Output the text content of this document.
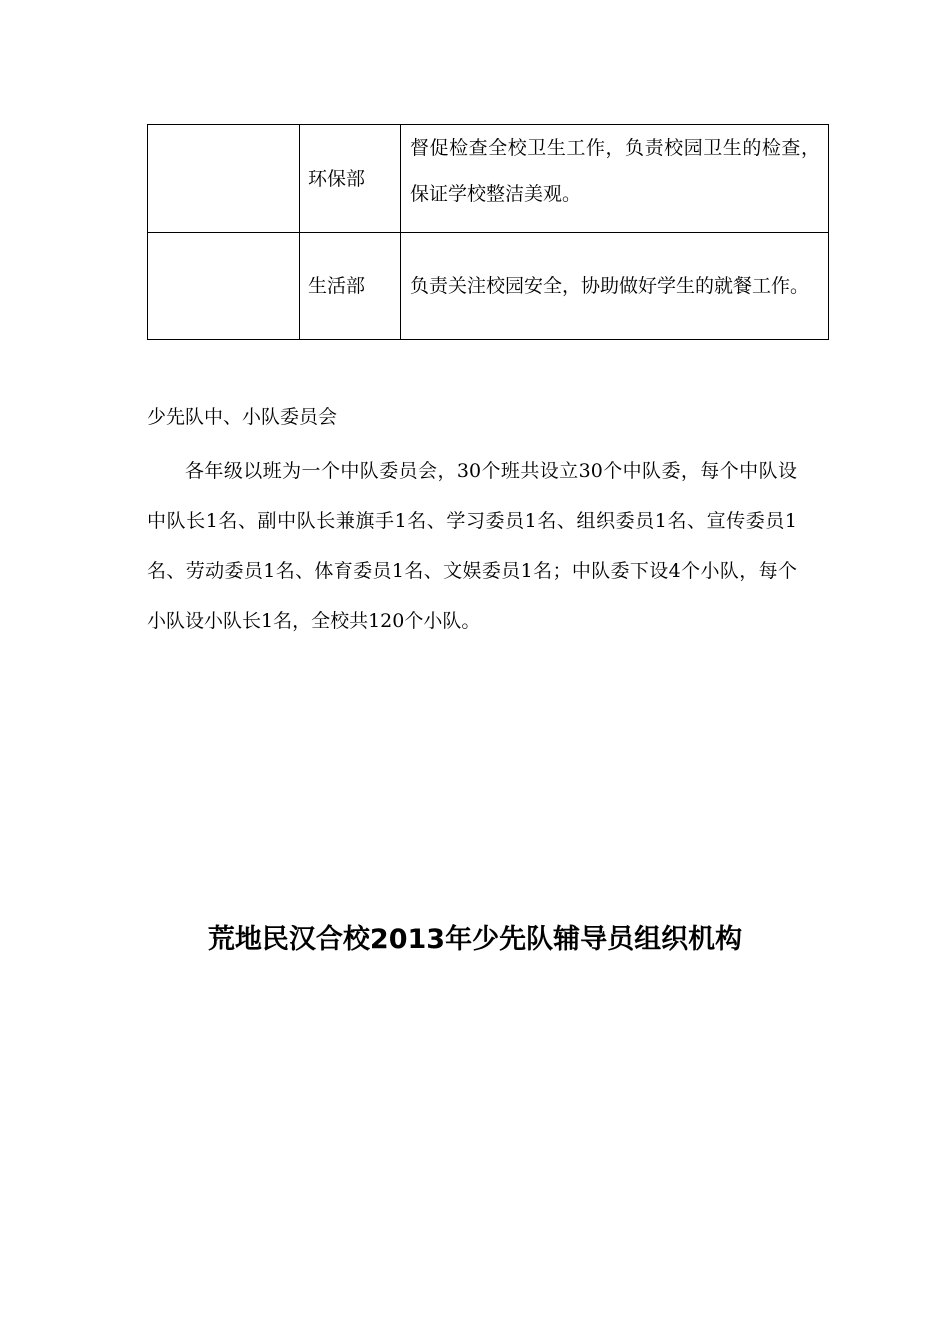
	环保部	督促检查全校卫生工作，负责校园卫生的检查，保证学校整洁美观。
	生活部	负责关注校园安全，协助做好学生的就餐工作。

少先队中、小队委员会

各年级以班为一个中队委员会，30个班共设立30个中队委，每个中队设中队长1名、副中队长兼旗手1名、学习委员1名、组织委员1名、宣传委员1名、劳动委员1名、体育委员1名、文娱委员1名；中队委下设4个小队，每个小队设小队长1名，全校共120个小队。

荒地民汉合校2013年少先队辅导员组织机构
